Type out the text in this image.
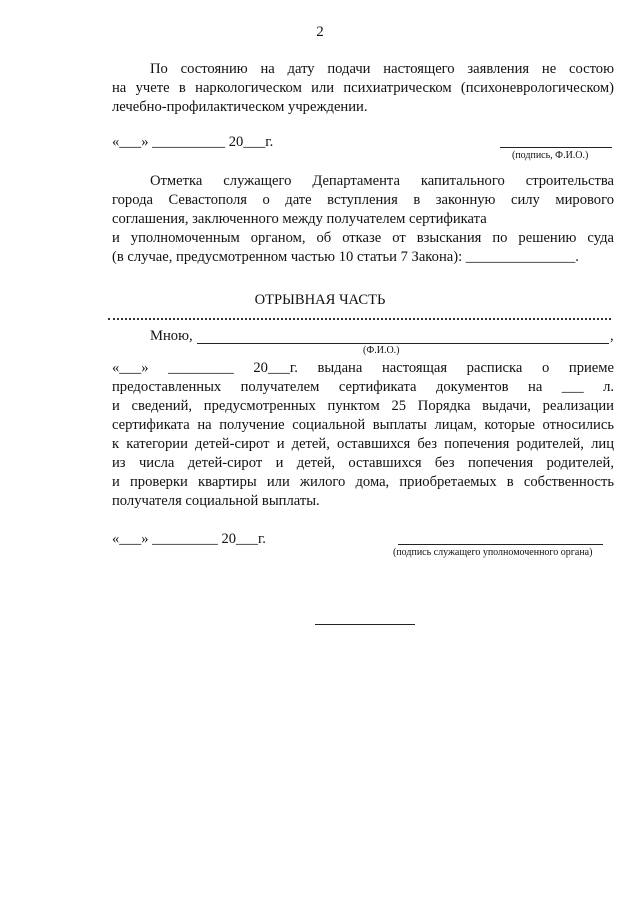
2
По состоянию на дату подачи настоящего заявления не состою
на учете в наркологическом или психиатрическом (психоневрологическом)
лечебно-профилактическом учреждении.
«___» __________ 20___г.
(подпись, Ф.И.О.)
Отметка служащего Департамента капитального строительства
города Севастополя о дате вступления в законную силу мирового
соглашения, заключенного между получателем сертификата
и уполномоченным органом, об отказе от взыскания по решению суда
(в случае, предусмотренном частью 10 статьи 7 Закона): _______________.
ОТРЫВНАЯ ЧАСТЬ
Мною,	,
(Ф.И.О.)
«___» _________ 20___г. выдана настоящая расписка о приеме
предоставленных получателем сертификата документов на ___ л.
и сведений, предусмотренных пунктом 25 Порядка выдачи, реализации
сертификата на получение социальной выплаты лицам, которые относились
к категории детей-сирот и детей, оставшихся без попечения родителей, лиц
из числа детей-сирот и детей, оставшихся без попечения родителей,
и проверки квартиры или жилого дома, приобретаемых в собственность
получателя социальной выплаты.
«___» _________ 20___г.
(подпись служащего уполномоченного органа)
